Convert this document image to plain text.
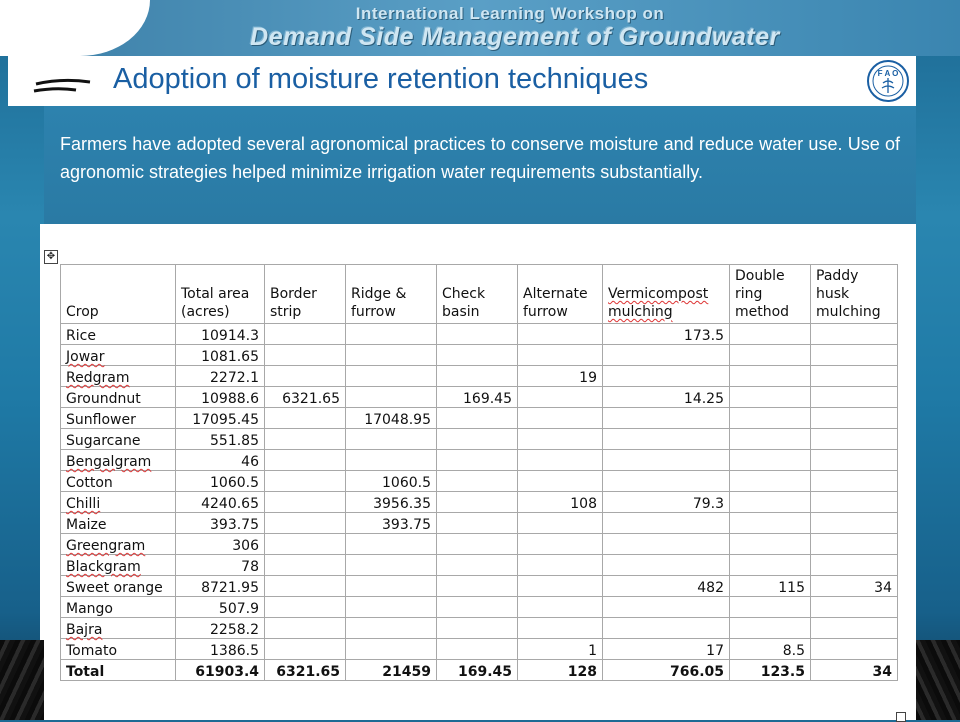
International Learning Workshop on
Demand Side Management of Groundwater
Adoption of moisture retention techniques	F A O

Farmers have adopted several agronomical practices to conserve moisture and reduce water use. Use of agronomic strategies helped minimize irrigation water requirements substantially.

✥
Crop	Total area (acres)	Border strip	Ridge & furrow	Check basin	Alternate furrow	Vermicompost mulching	Double ring method	Paddy husk mulching
Rice	10914.3					173.5		
Jowar	1081.65							
Redgram	2272.1				19			
Groundnut	10988.6	6321.65		169.45		14.25		
Sunflower	17095.45		17048.95					
Sugarcane	551.85							
Bengalgram	46							
Cotton	1060.5		1060.5					
Chilli	4240.65		3956.35		108	79.3		
Maize	393.75		393.75					
Greengram	306							
Blackgram	78							
Sweet orange	8721.95					482	115	34
Mango	507.9							
Bajra	2258.2							
Tomato	1386.5				1	17	8.5	
Total	61903.4	6321.65	21459	169.45	128	766.05	123.5	34
